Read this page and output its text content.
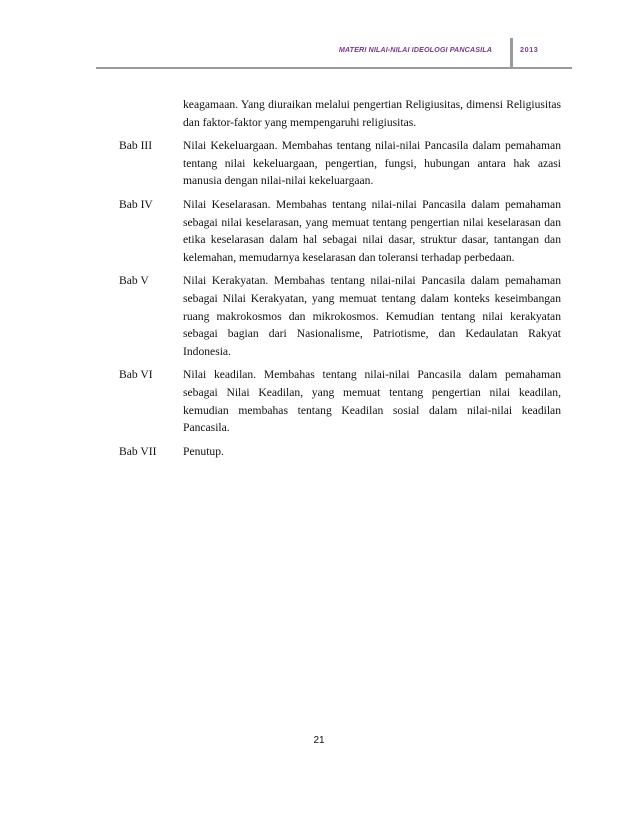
MATERI NILAI-NILAI IDEOLOGI PANCASILA	2013
keagamaan. Yang diuraikan melalui pengertian Religiusitas, dimensi Religiusitas dan faktor-faktor yang mempengaruhi religiusitas.
Bab III	Nilai Kekeluargaan. Membahas tentang nilai-nilai Pancasila dalam pemahaman tentang nilai kekeluargaan, pengertian, fungsi, hubungan antara hak azasi manusia dengan nilai-nilai kekeluargaan.
Bab IV	Nilai Keselarasan. Membahas tentang nilai-nilai Pancasila dalam pemahaman sebagai nilai keselarasan, yang memuat tentang pengertian nilai keselarasan dan etika keselarasan dalam hal sebagai nilai dasar, struktur dasar, tantangan dan kelemahan, memudarnya keselarasan dan toleransi terhadap perbedaan.
Bab V	Nilai Kerakyatan. Membahas tentang nilai-nilai Pancasila dalam pemahaman sebagai Nilai Kerakyatan, yang memuat tentang dalam konteks keseimbangan ruang makrokosmos dan mikrokosmos. Kemudian tentang nilai kerakyatan sebagai bagian dari Nasionalisme, Patriotisme, dan Kedaulatan Rakyat Indonesia.
Bab VI	Nilai keadilan. Membahas tentang nilai-nilai Pancasila dalam pemahaman sebagai Nilai Keadilan, yang memuat tentang pengertian nilai keadilan, kemudian membahas tentang Keadilan sosial dalam nilai-nilai keadilan Pancasila.
Bab VII	Penutup.
21
